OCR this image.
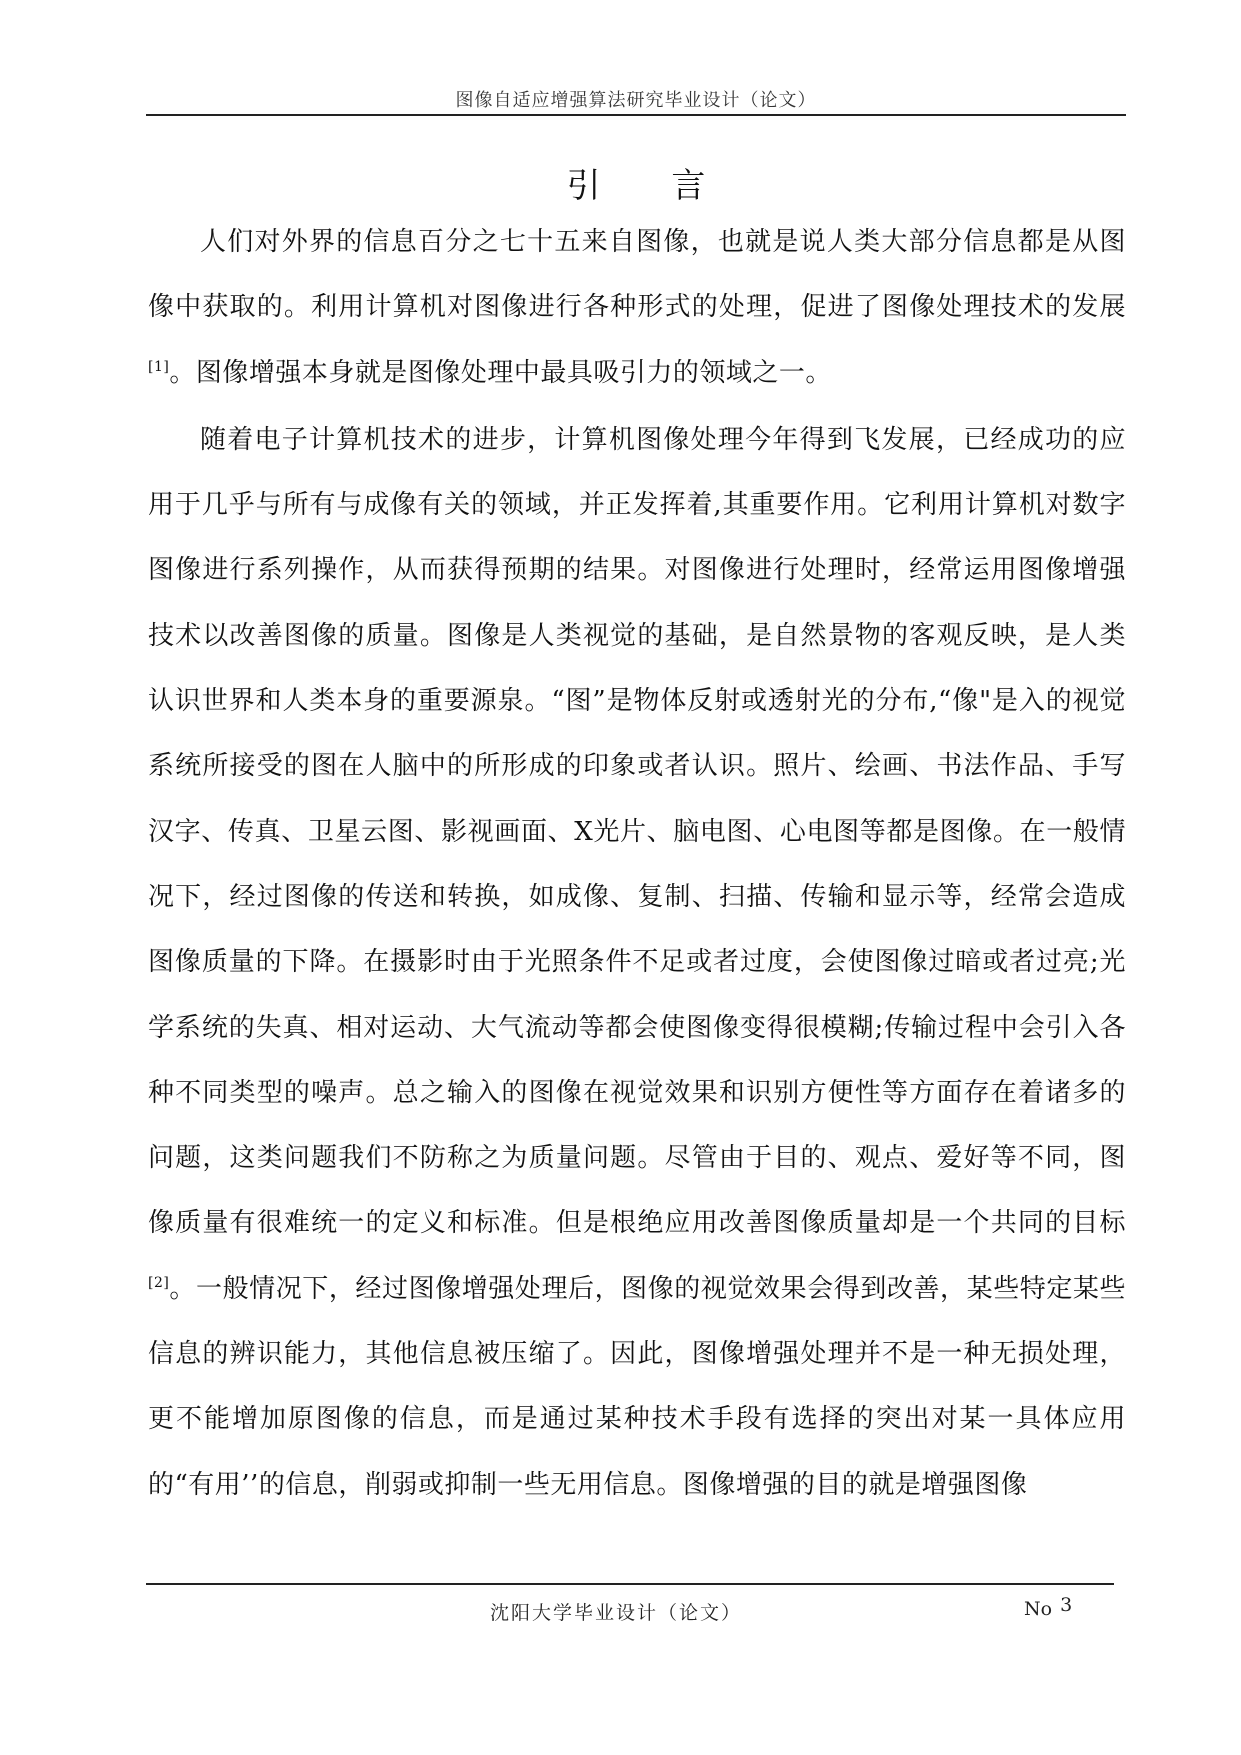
图像自适应增强算法研究毕业设计（论文）
引 言

人们对外界的信息百分之七十五来自图像，也就是说人类大部分信息都是从图像中获取的。利用计算机对图像进行各种形式的处理，促进了图像处理技术的发展[1]。图像增强本身就是图像处理中最具吸引力的领域之一。

随着电子计算机技术的进步，计算机图像处理今年得到飞发展，已经成功的应用于几乎与所有与成像有关的领域，并正发挥着,其重要作用。它利用计算机对数字图像进行系列操作，从而获得预期的结果。对图像进行处理时，经常运用图像增强技术以改善图像的质量。图像是人类视觉的基础，是自然景物的客观反映，是人类认识世界和人类本身的重要源泉。“图”是物体反射或透射光的分布,“像"是入的视觉系统所接受的图在人脑中的所形成的印象或者认识。照片、绘画、书法作品、手写汉字、传真、卫星云图、影视画面、X光片、脑电图、心电图等都是图像。在一般情况下，经过图像的传送和转换，如成像、复制、扫描、传输和显示等，经常会造成图像质量的下降。在摄影时由于光照条件不足或者过度，会使图像过暗或者过亮;光学系统的失真、相对运动、大气流动等都会使图像变得很模糊;传输过程中会引入各种不同类型的噪声。总之输入的图像在视觉效果和识别方便性等方面存在着诸多的问题，这类问题我们不防称之为质量问题。尽管由于目的、观点、爱好等不同，图像质量有很难统一的定义和标准。但是根绝应用改善图像质量却是一个共同的目标[2]。一般情况下，经过图像增强处理后，图像的视觉效果会得到改善，某些特定某些信息的辨识能力，其他信息被压缩了。因此，图像增强处理并不是一种无损处理，更不能增加原图像的信息，而是通过某种技术手段有选择的突出对某一具体应用的“有用’’的信息，削弱或抑制一些无用信息。图像增强的目的就是增强图像

沈阳大学毕业设计（论文）	No 3
